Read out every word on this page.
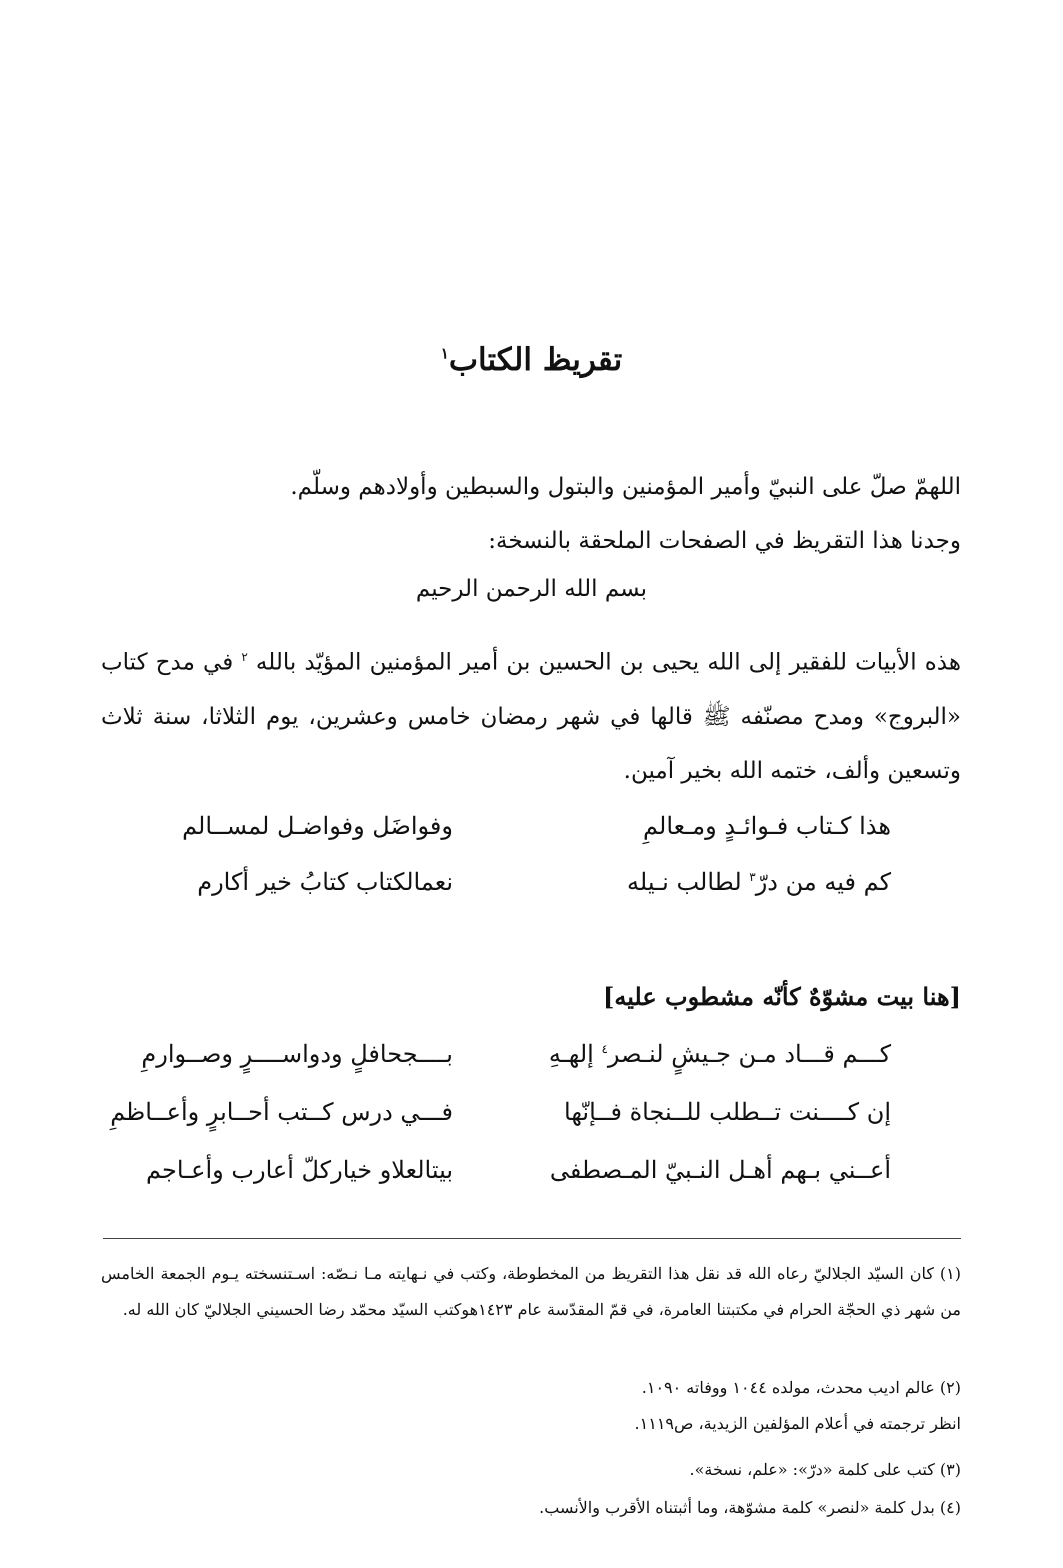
تقريظ الكتاب$^١$
اللهمّ صلّ على النبيّ وأمير المؤمنين والبتول والسبطين وأولادهم وسلّم.
وجدنا هذا التقريظ في الصفحات الملحقة بالنسخة:
بسم الله الرحمن الرحيم
هذه الأبيات للفقير إلى الله يحيى بن الحسين بن أمير المؤمنين المؤيّد بالله $^٢$ في مدح كتاب «البروج» ومدح مصنّفه ﷺ قالها في شهر رمضان خامس وعشرين، يوم الثلاثا، سنة ثلاث وتسعين وألف، ختمه الله بخير آمين.
هذا كـتاب فـوائـدٍ ومـعالمِ
وفواضَل وفواضـل لمســالم
كم فيه من درّ$^٣$ لطالب نـيله
نعمالكتاب كتابُ خير أكارم
[هنا بيت مشوّهٌ كأنّه مشطوب عليه]
كـــم قـــاد مـن جـيشٍ لنـصر$^٤$ إلهـهِ
بــــجحافلٍ ودواســــرٍ وصــوارمِ
إن كــــنت تــطلب للــنجاة فــإنّها
فـــي درس كــتب أحــابرٍ وأعــاظمِ
أعــني بـهم أهـل النـبيّ المـصطفى
بيتالعلاو خياركلّ أعارب وأعـاجم
(١) كان السيّد الجلاليّ رعاه الله قد نقل هذا التقريظ من المخطوطة، وكتب في نـهايته مـا نـصّه: اسـتنسخته يـوم الجمعة الخامس من شهر ذي الحجّة الحرام في مكتبتنا العامرة، في قمّ المقدّسة عام ١٤٢٣هوكتب السيّد محمّد رضا الحسيني الجلاليّ كان الله له.
(٢) عالم اديب محدث، مولده ١٠٤٤ ووفاته ١٠٩٠.
انظر ترجمته في أعلام المؤلفين الزيدية، ص١١١٩.
(٣) كتب على كلمة «درّ»: «علم، نسخة».
(٤) بدل كلمة «لنصر» كلمة مشوّهة، وما أثبتناه الأقرب والأنسب.
